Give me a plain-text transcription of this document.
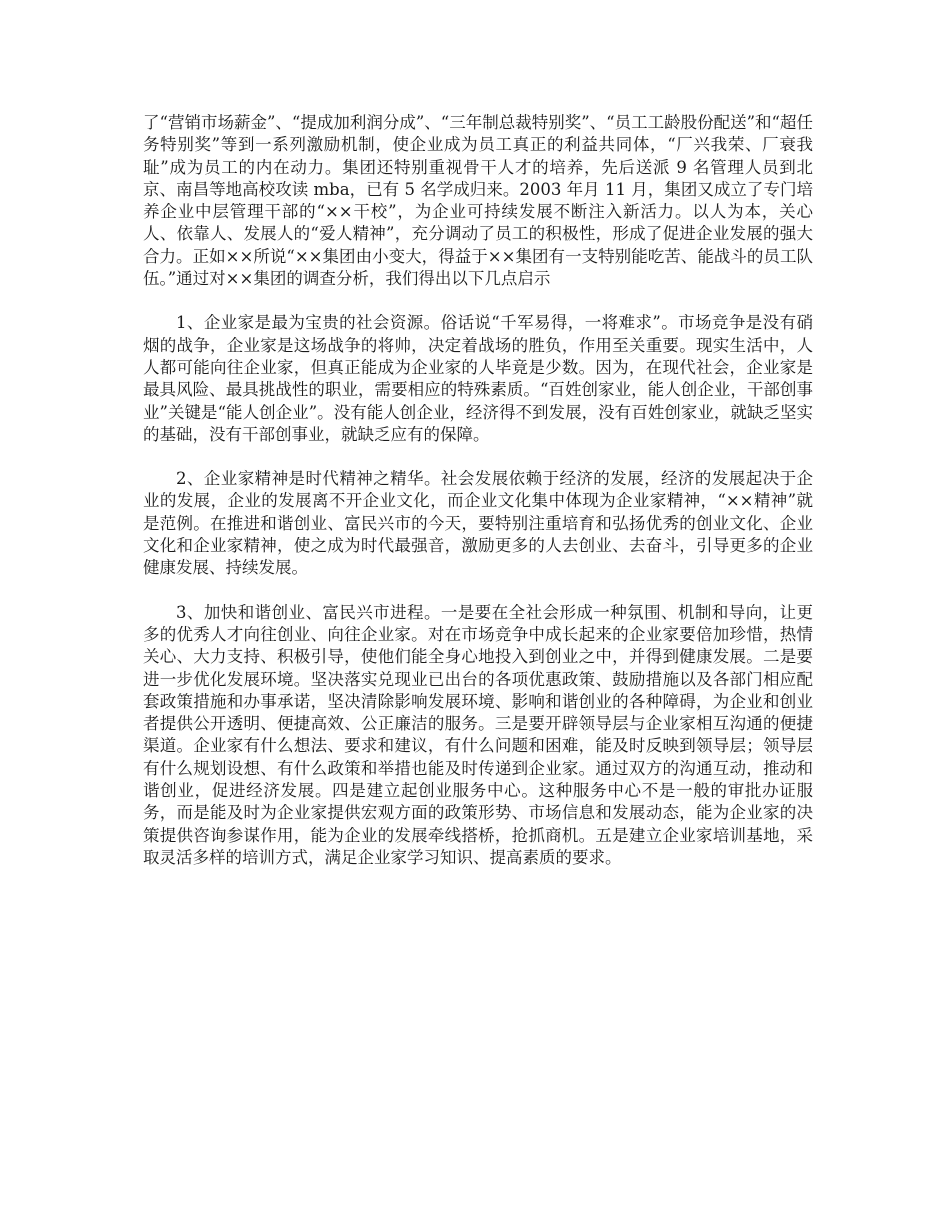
了“营销市场薪金”、“提成加利润分成”、“三年制总裁特别奖”、“员工工龄股份配送”和“超任务特别奖”等到一系列激励机制，使企业成为员工真正的利益共同体，“厂兴我荣、厂衰我耻”成为员工的内在动力。集团还特别重视骨干人才的培养，先后送派 9 名管理人员到北京、南昌等地高校攻读 mba，已有 5 名学成归来。2003 年月 11 月，集团又成立了专门培养企业中层管理干部的“××干校”，为企业可持续发展不断注入新活力。以人为本，关心人、依靠人、发展人的“爱人精神”，充分调动了员工的积极性，形成了促进企业发展的强大合力。正如××所说“××集团由小变大，得益于××集团有一支特别能吃苦、能战斗的员工队伍。”通过对××集团的调查分析，我们得出以下几点启示

1、企业家是最为宝贵的社会资源。俗话说“千军易得，一将难求”。市场竞争是没有硝烟的战争，企业家是这场战争的将帅，决定着战场的胜负，作用至关重要。现实生活中，人人都可能向往企业家，但真正能成为企业家的人毕竟是少数。因为，在现代社会，企业家是最具风险、最具挑战性的职业，需要相应的特殊素质。“百姓创家业，能人创企业，干部创事业”关键是“能人创企业”。没有能人创企业，经济得不到发展，没有百姓创家业，就缺乏坚实的基础，没有干部创事业，就缺乏应有的保障。

2、企业家精神是时代精神之精华。社会发展依赖于经济的发展，经济的发展起决于企业的发展，企业的发展离不开企业文化，而企业文化集中体现为企业家精神，“××精神”就是范例。在推进和谐创业、富民兴市的今天，要特别注重培育和弘扬优秀的创业文化、企业文化和企业家精神，使之成为时代最强音，激励更多的人去创业、去奋斗，引导更多的企业健康发展、持续发展。

3、加快和谐创业、富民兴市进程。一是要在全社会形成一种氛围、机制和导向，让更多的优秀人才向往创业、向往企业家。对在市场竞争中成长起来的企业家要倍加珍惜，热情关心、大力支持、积极引导，使他们能全身心地投入到创业之中，并得到健康发展。二是要进一步优化发展环境。坚决落实兑现业已出台的各项优惠政策、鼓励措施以及各部门相应配套政策措施和办事承诺，坚决清除影响发展环境、影响和谐创业的各种障碍，为企业和创业者提供公开透明、便捷高效、公正廉洁的服务。三是要开辟领导层与企业家相互沟通的便捷渠道。企业家有什么想法、要求和建议，有什么问题和困难，能及时反映到领导层；领导层有什么规划设想、有什么政策和举措也能及时传递到企业家。通过双方的沟通互动，推动和谐创业，促进经济发展。四是建立起创业服务中心。这种服务中心不是一般的审批办证服务，而是能及时为企业家提供宏观方面的政策形势、市场信息和发展动态，能为企业家的决策提供咨询参谋作用，能为企业的发展牵线搭桥，抢抓商机。五是建立企业家培训基地，采取灵活多样的培训方式，满足企业家学习知识、提高素质的要求。
